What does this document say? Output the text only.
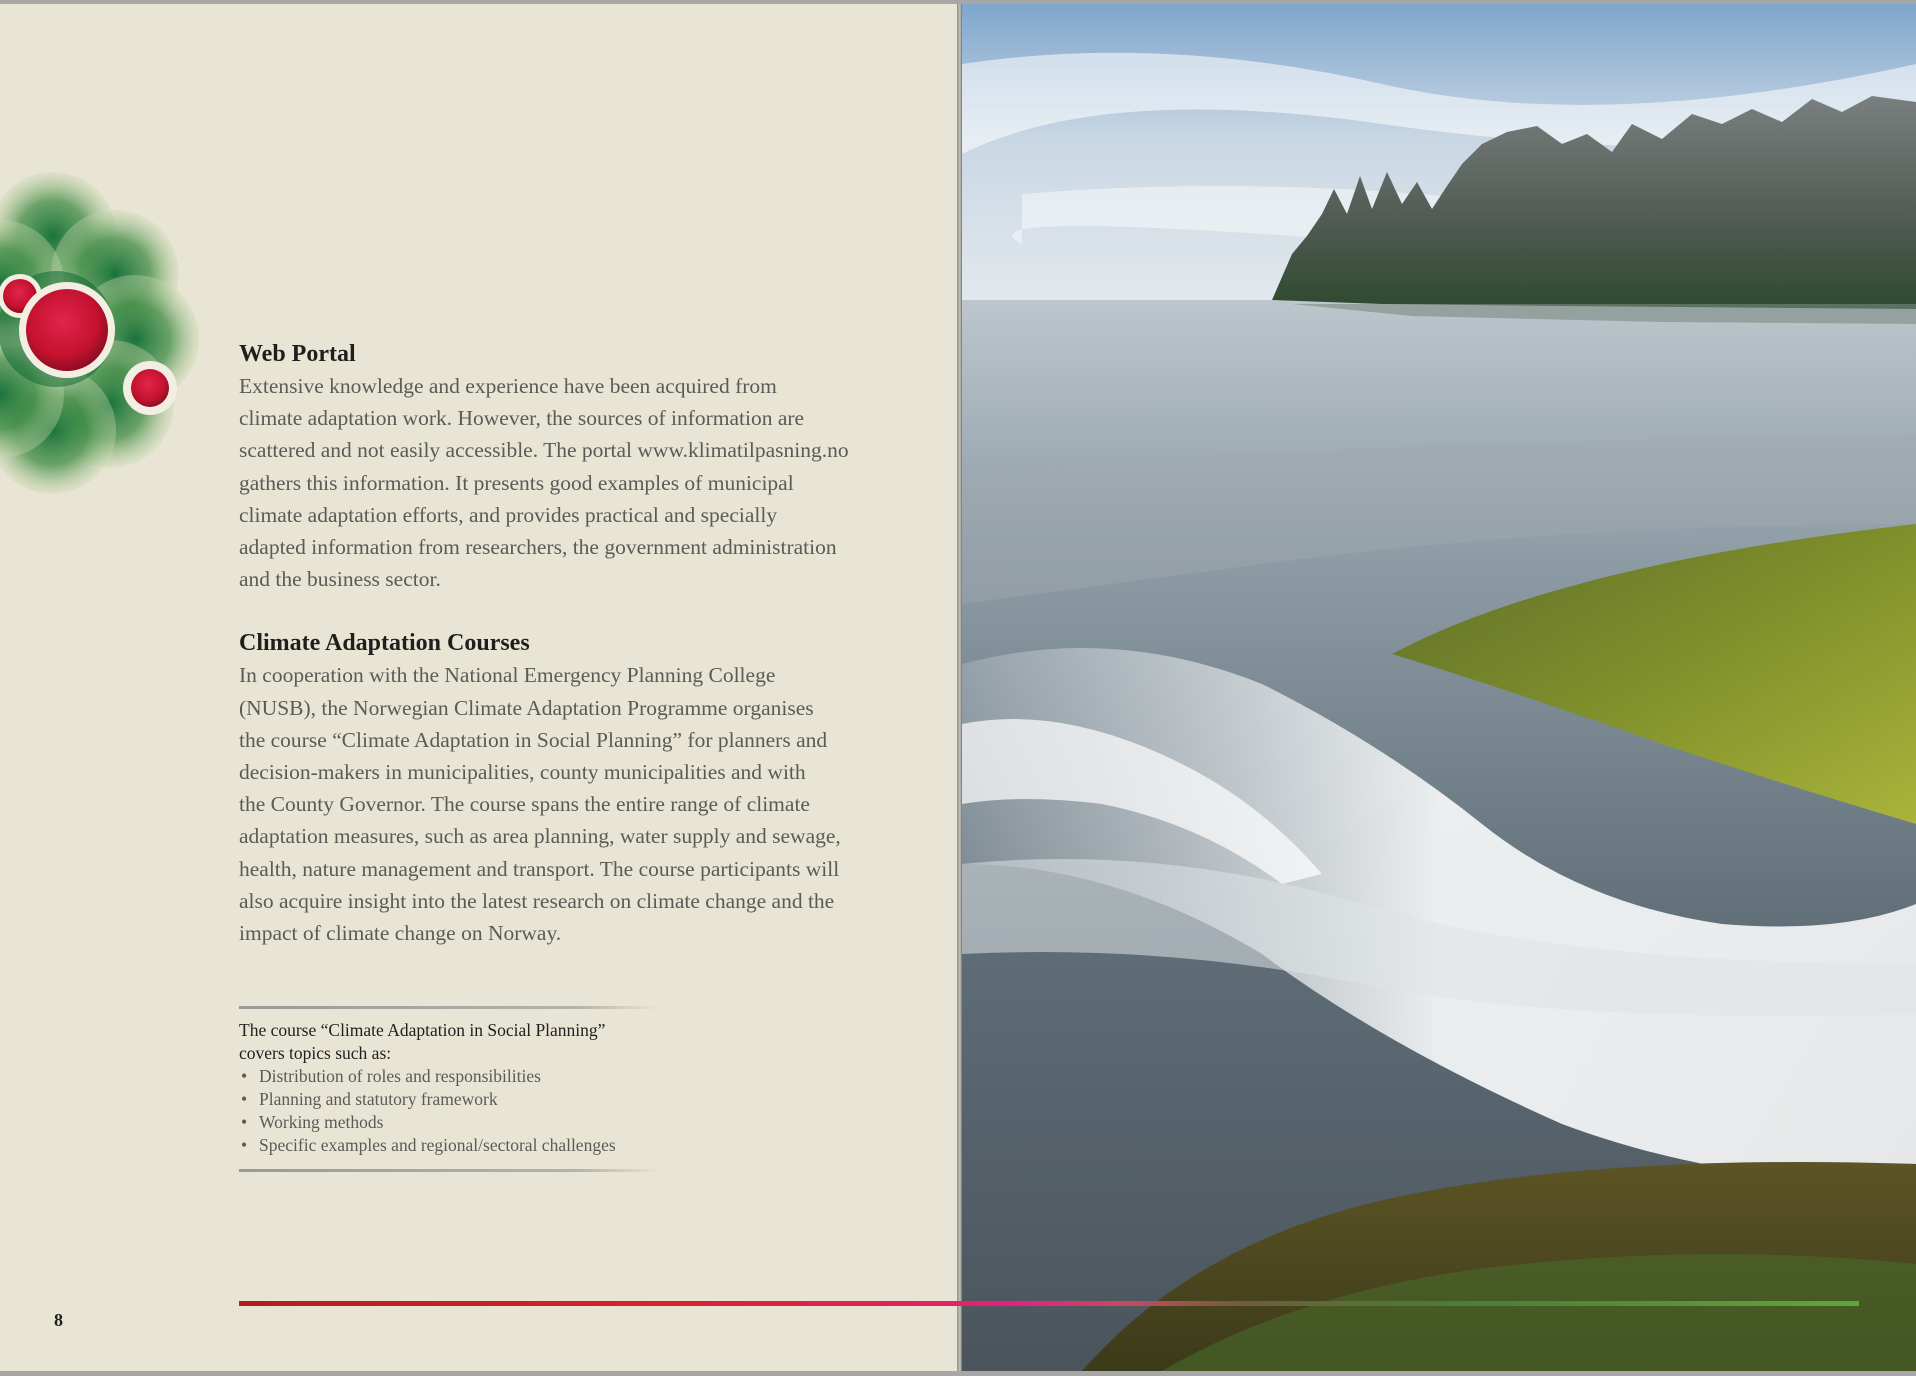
Web Portal

Extensive knowledge and experience have been acquired from
climate adaptation work. However, the sources of information are
scattered and not easily accessible. The portal www.klimatilpasning.no
gathers this information. It presents good examples of municipal
climate adaptation efforts, and provides practical and specially
adapted information from researchers, the government administration
and the business sector.

Climate Adaptation Courses

In cooperation with the National Emergency Planning College
(NUSB), the Norwegian Climate Adaptation Programme organises
the course “Climate Adaptation in Social Planning” for planners and
decision-makers in municipalities, county municipalities and with
the County Governor. The course spans the entire range of climate
adaptation measures, such as area planning, water supply and sewage,
health, nature management and transport. The course participants will
also acquire insight into the latest research on climate change and the
impact of climate change on Norway.

The course “Climate Adaptation in Social Planning”
covers topics such as:

• Distribution of roles and responsibilities
• Planning and statutory framework
• Working methods
• Specific examples and regional/sectoral challenges
8
